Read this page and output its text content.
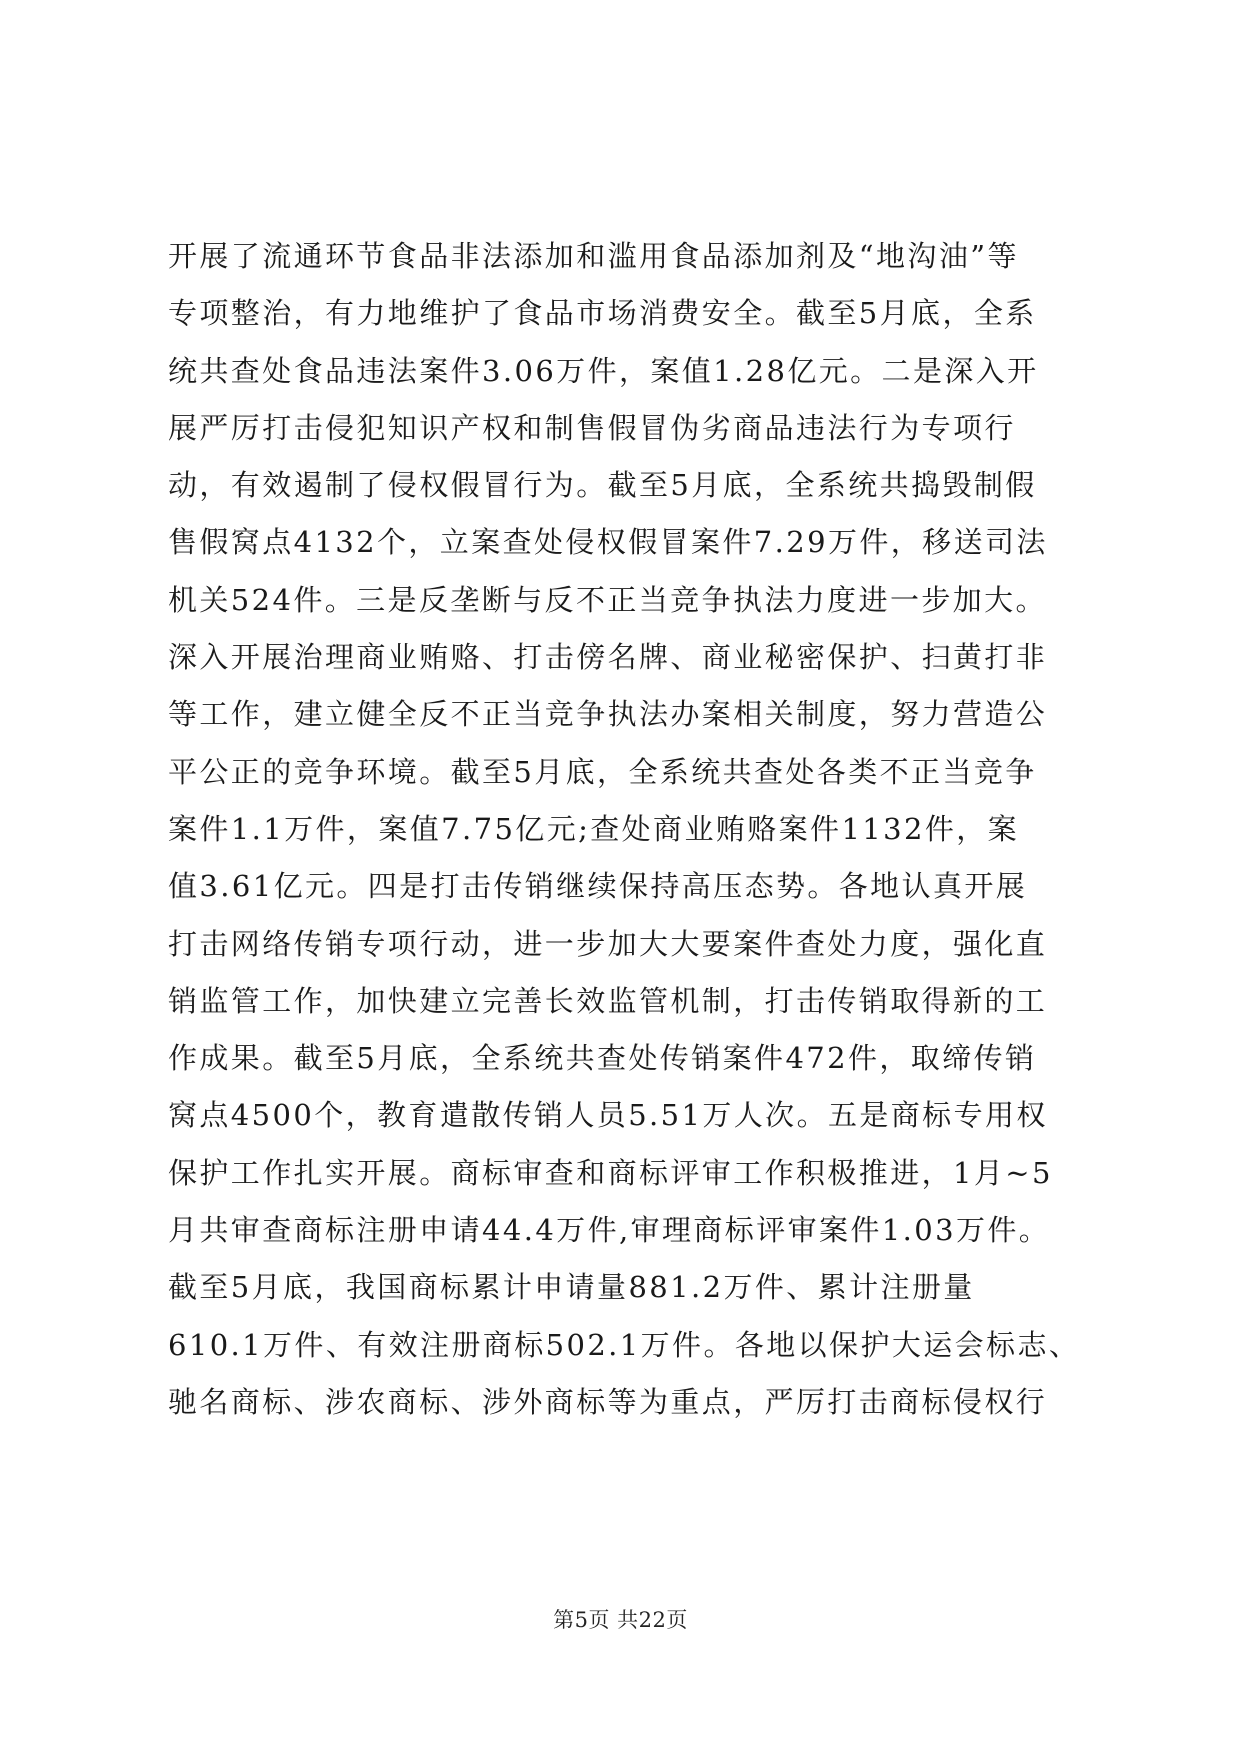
开展了流通环节食品非法添加和滥用食品添加剂及“地沟油”等
专项整治，有力地维护了食品市场消费安全。截至5月底，全系
统共查处食品违法案件3.06万件，案值1.28亿元。二是深入开
展严厉打击侵犯知识产权和制售假冒伪劣商品违法行为专项行
动，有效遏制了侵权假冒行为。截至5月底，全系统共捣毁制假
售假窝点4132个，立案查处侵权假冒案件7.29万件，移送司法
机关524件。三是反垄断与反不正当竞争执法力度进一步加大。
深入开展治理商业贿赂、打击傍名牌、商业秘密保护、扫黄打非
等工作，建立健全反不正当竞争执法办案相关制度，努力营造公
平公正的竞争环境。截至5月底，全系统共查处各类不正当竞争
案件1.1万件，案值7.75亿元;查处商业贿赂案件1132件，案
值3.61亿元。四是打击传销继续保持高压态势。各地认真开展
打击网络传销专项行动，进一步加大大要案件查处力度，强化直
销监管工作，加快建立完善长效监管机制，打击传销取得新的工
作成果。截至5月底，全系统共查处传销案件472件，取缔传销
窝点4500个，教育遣散传销人员5.51万人次。五是商标专用权
保护工作扎实开展。商标审查和商标评审工作积极推进，1月~5
月共审查商标注册申请44.4万件,审理商标评审案件1.03万件。
截至5月底，我国商标累计申请量881.2万件、累计注册量
610.1万件、有效注册商标502.1万件。各地以保护大运会标志、
驰名商标、涉农商标、涉外商标等为重点，严厉打击商标侵权行
第5页 共22页
